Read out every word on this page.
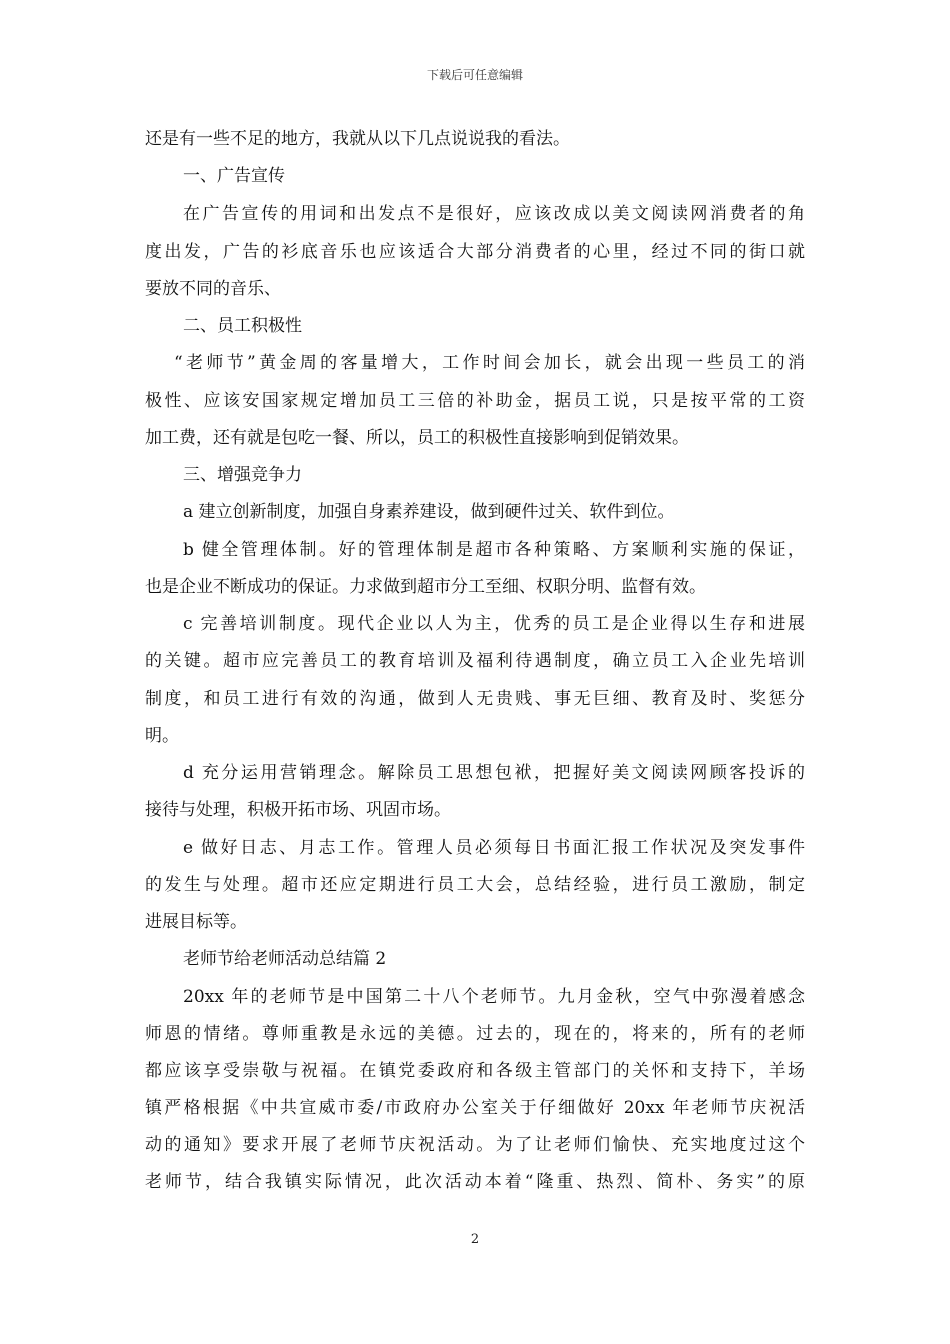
下载后可任意编辑
还是有一些不足的地方，我就从以下几点说说我的看法。
一、广告宣传
在广告宣传的用词和出发点不是很好，应该改成以美文阅读网消费者的角
度出发，广告的衫底音乐也应该适合大部分消费者的心里，经过不同的街口就
要放不同的音乐、
二、员工积极性
“老师节”黄金周的客量增大，工作时间会加长，就会出现一些员工的消
极性、应该安国家规定增加员工三倍的补助金，据员工说，只是按平常的工资
加工费，还有就是包吃一餐、所以，员工的积极性直接影响到促销效果。
三、增强竞争力
a 建立创新制度，加强自身素养建设，做到硬件过关、软件到位。
b 健全管理体制。好的管理体制是超市各种策略、方案顺利实施的保证，
也是企业不断成功的保证。力求做到超市分工至细、权职分明、监督有效。
c 完善培训制度。现代企业以人为主，优秀的员工是企业得以生存和进展
的关键。超市应完善员工的教育培训及福利待遇制度，确立员工入企业先培训
制度，和员工进行有效的沟通，做到人无贵贱、事无巨细、教育及时、奖惩分
明。
d 充分运用营销理念。解除员工思想包袱，把握好美文阅读网顾客投诉的
接待与处理，积极开拓市场、巩固市场。
e 做好日志、月志工作。管理人员必须每日书面汇报工作状况及突发事件
的发生与处理。超市还应定期进行员工大会，总结经验，进行员工激励，制定
进展目标等。
老师节给老师活动总结篇 2
20xx 年的老师节是中国第二十八个老师节。九月金秋，空气中弥漫着感念
师恩的情绪。尊师重教是永远的美德。过去的，现在的，将来的，所有的老师
都应该享受崇敬与祝福。在镇党委政府和各级主管部门的关怀和支持下，羊场
镇严格根据《中共宣威市委/市政府办公室关于仔细做好 20xx 年老师节庆祝活
动的通知》要求开展了老师节庆祝活动。为了让老师们愉快、充实地度过这个
老师节，结合我镇实际情况，此次活动本着“隆重、热烈、简朴、务实”的原
2
